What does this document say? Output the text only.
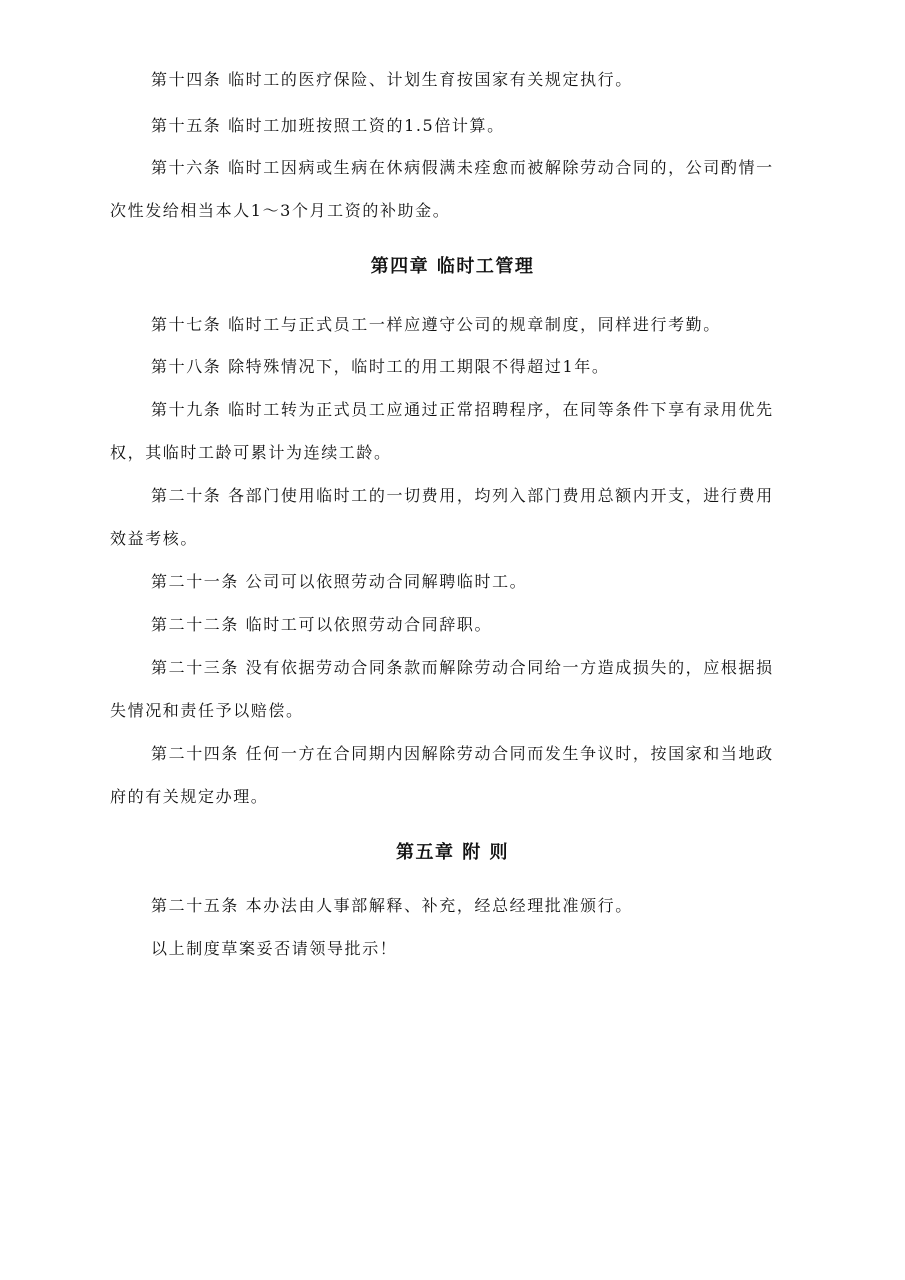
第十四条 临时工的医疗保险、计划生育按国家有关规定执行。
第十五条 临时工加班按照工资的1.5倍计算。
第十六条 临时工因病或生病在休病假满未痊愈而被解除劳动合同的，公司酌情一
次性发给相当本人1～3个月工资的补助金。
第四章 临时工管理
第十七条 临时工与正式员工一样应遵守公司的规章制度，同样进行考勤。
第十八条 除特殊情况下，临时工的用工期限不得超过1年。
第十九条 临时工转为正式员工应通过正常招聘程序，在同等条件下享有录用优先
权，其临时工龄可累计为连续工龄。
第二十条 各部门使用临时工的一切费用，均列入部门费用总额内开支，进行费用
效益考核。
第二十一条 公司可以依照劳动合同解聘临时工。
第二十二条 临时工可以依照劳动合同辞职。
第二十三条 没有依据劳动合同条款而解除劳动合同给一方造成损失的，应根据损
失情况和责任予以赔偿。
第二十四条 任何一方在合同期内因解除劳动合同而发生争议时，按国家和当地政
府的有关规定办理。
第五章 附 则
第二十五条 本办法由人事部解释、补充，经总经理批准颁行。
以上制度草案妥否请领导批示！
